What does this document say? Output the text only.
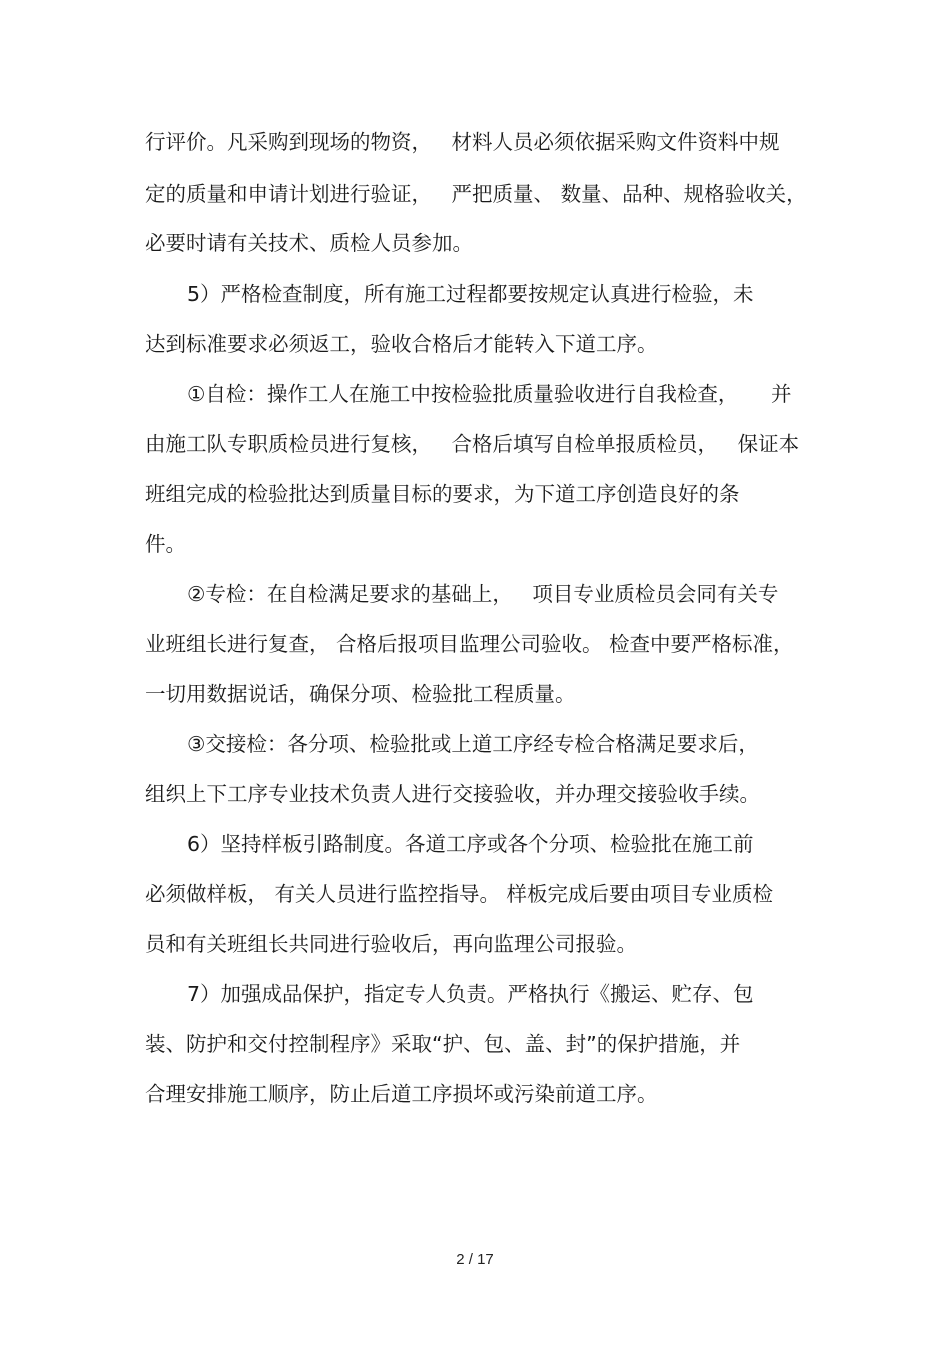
行评价。凡采购到现场的物资，   材料人员必须依据采购文件资料中规
定的质量和申请计划进行验证，   严把质量、 数量、品种、规格验收关，
必要时请有关技术、质检人员参加。
5）严格检查制度，所有施工过程都要按规定认真进行检验，未
达到标准要求必须返工，验收合格后才能转入下道工序。
①自检：操作工人在施工中按检验批质量验收进行自我检查，     并
由施工队专职质检员进行复核，   合格后填写自检单报质检员，   保证本
班组完成的检验批达到质量目标的要求，为下道工序创造良好的条
件。
②专检：在自检满足要求的基础上，   项目专业质检员会同有关专
业班组长进行复查， 合格后报项目监理公司验收。 检查中要严格标准，
一切用数据说话，确保分项、检验批工程质量。
③交接检：各分项、检验批或上道工序经专检合格满足要求后，
组织上下工序专业技术负责人进行交接验收，并办理交接验收手续。
6）坚持样板引路制度。各道工序或各个分项、检验批在施工前
必须做样板， 有关人员进行监控指导。 样板完成后要由项目专业质检
员和有关班组长共同进行验收后，再向监理公司报验。
7）加强成品保护，指定专人负责。严格执行《搬运、贮存、包
装、防护和交付控制程序》采取“护、包、盖、封”的保护措施，并
合理安排施工顺序，防止后道工序损坏或污染前道工序。
2 / 17
